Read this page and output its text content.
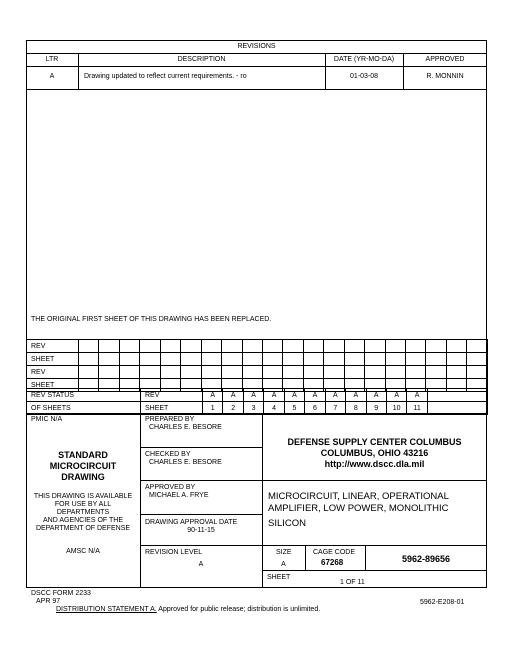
REVISIONS
LTR	DESCRIPTION	DATE (YR-MO-DA)	APPROVED
A	Drawing updated to reflect current requirements. - ro	01-03-08	R. MONNIN
THE ORIGINAL FIRST SHEET OF THIS DRAWING HAS BEEN REPLACED.
REV																				
SHEET																				
REV																				
SHEET																				
REV STATUS	REV	A	A	A	A	A	A	A	A	A	A	A	
OF SHEETS	SHEET	1	2	3	4	5	6	7	8	9	10	11	
PMIC N/A
STANDARD
MICROCIRCUIT
DRAWING
THIS DRAWING IS AVAILABLE
FOR USE BY ALL
DEPARTMENTS
AND AGENCIES OF THE
DEPARTMENT OF DEFENSE
AMSC N/A
PREPARED BY
CHARLES E. BESORE
CHECKED BY
CHARLES E. BESORE
APPROVED BY
MICHAEL A. FRYE
DRAWING APPROVAL DATE
90-11-15
REVISION LEVEL
A
DEFENSE SUPPLY CENTER COLUMBUS
COLUMBUS, OHIO 43216
http://www.dscc.dla.mil
MICROCIRCUIT, LINEAR, OPERATIONAL
AMPLIFIER, LOW POWER, MONOLITHIC
SILICON
SIZE
A
CAGE CODE
67268	5962-89656
SHEET
1 OF 11
DSCC FORM 2233
APR 97
DISTRIBUTION STATEMENT A. Approved for public release; distribution is unlimited.
5962-E208-01
